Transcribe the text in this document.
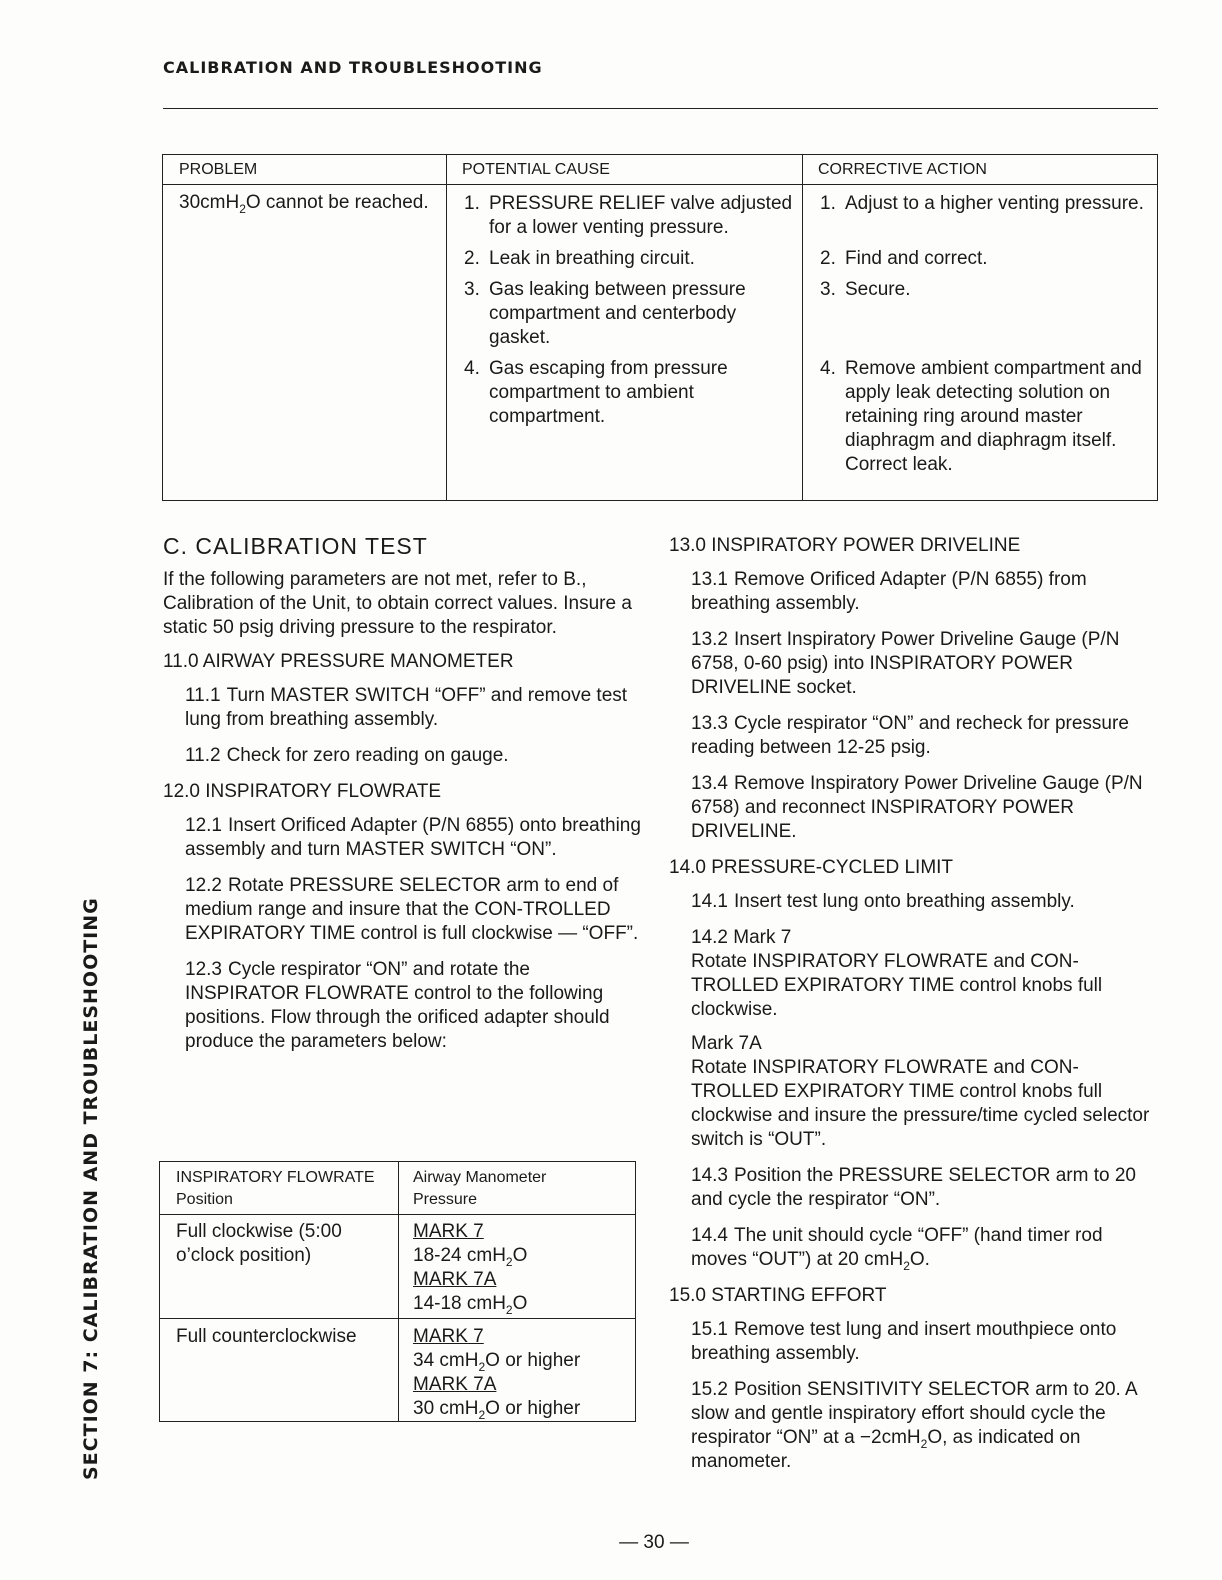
CALIBRATION AND TROUBLESHOOTING
SECTION 7: CALIBRATION AND TROUBLESHOOTING
PROBLEM
30cmH$_2$O cannot be reached.
POTENTIAL CAUSE
1. PRESSURE RELIEF valve adjusted for a lower venting pressure.
2. Leak in breathing circuit.
3. Gas leaking between pressure compartment and centerbody gasket.
4. Gas escaping from pressure compartment to ambient compartment.
CORRECTIVE ACTION
1. Adjust to a higher venting pressure.
2. Find and correct.
3. Secure.
4. Remove ambient compartment and apply leak detecting solution on retaining ring around master diaphragm and diaphragm itself. Correct leak.
C. CALIBRATION TEST

If the following parameters are not met, refer to B., Calibration of the Unit, to obtain correct values. Insure a static 50 psig driving pressure to the respirator.

11.0 AIRWAY PRESSURE MANOMETER

11.1 Turn MASTER SWITCH “OFF” and remove test lung from breathing assembly.

11.2 Check for zero reading on gauge.

12.0 INSPIRATORY FLOWRATE

12.1 Insert Orificed Adapter (P/N 6855) onto breathing assembly and turn MASTER SWITCH “ON”.

12.2 Rotate PRESSURE SELECTOR arm to end of medium range and insure that the CON-TROLLED EXPIRATORY TIME control is full clockwise — “OFF”.

12.3 Cycle respirator “ON” and rotate the INSPIRATOR FLOWRATE control to the following positions. Flow through the orificed adapter should produce the parameters below:

INSPIRATORY FLOWRATE
Position
Airway Manometer
Pressure
Full clockwise (5:00 o’clock position)
MARK 7
18-24 cmH$_2$O
MARK 7A
14-18 cmH$_2$O
Full counterclockwise	MARK 7
34 cmH$_2$O or higher
MARK 7A
30 cmH$_2$O or higher

13.0 INSPIRATORY POWER DRIVELINE

13.1 Remove Orificed Adapter (P/N 6855) from breathing assembly.

13.2 Insert Inspiratory Power Driveline Gauge (P/N 6758, 0-60 psig) into INSPIRATORY POWER DRIVELINE socket.

13.3 Cycle respirator “ON” and recheck for pressure reading between 12-25 psig.

13.4 Remove Inspiratory Power Driveline Gauge (P/N 6758) and reconnect INSPIRATORY POWER DRIVELINE.

14.0 PRESSURE-CYCLED LIMIT

14.1 Insert test lung onto breathing assembly.

14.2 Mark 7
Rotate INSPIRATORY FLOWRATE and CON-TROLLED EXPIRATORY TIME control knobs full clockwise.
Mark 7A
Rotate INSPIRATORY FLOWRATE and CON-TROLLED EXPIRATORY TIME control knobs full clockwise and insure the pressure/time cycled selector switch is “OUT”.

14.3 Position the PRESSURE SELECTOR arm to 20 and cycle the respirator “ON”.

14.4 The unit should cycle “OFF” (hand timer rod moves “OUT”) at 20 cmH$_2$O.

15.0 STARTING EFFORT

15.1 Remove test lung and insert mouthpiece onto breathing assembly.

15.2 Position SENSITIVITY SELECTOR arm to 20. A slow and gentle inspiratory effort should cycle the respirator “ON” at a −2cmH$_2$O, as indicated on manometer.

— 30 —
